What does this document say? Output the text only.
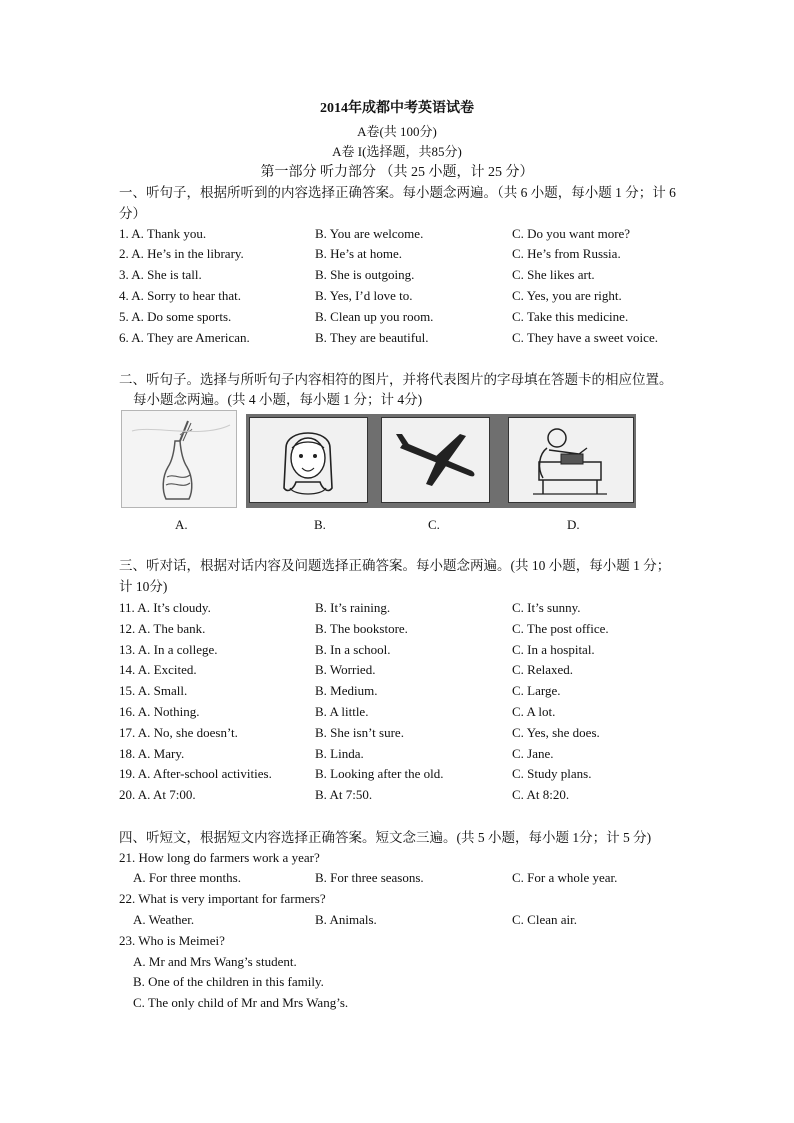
2014年成都中考英语试卷
A卷(共 100分)
A卷 I(选择题，共85分)
第一部分 听力部分 （共 25 小题，计 25 分）
一、听句子，根据所听到的内容选择正确答案。每小题念两遍。（共 6 小题，每小题 1 分；计 6分）
1. A. Thank you.	B. You are welcome.	C. Do you want more?
2. A. He’s in the library.	B. He’s at home.	C. He’s from Russia.
3. A. She is tall.	B. She is outgoing.	C. She likes art.
4. A. Sorry to hear that.	B. Yes, I’d love to.	C. Yes, you are right.
5. A. Do some sports.	B. Clean up you room.	C. Take this medicine.
6. A. They are American.	B. They are beautiful.	C. They have a sweet voice.
二、听句子。选择与所听句子内容相符的图片，并将代表图片的字母填在答题卡的相应位置。
每小题念两遍。(共 4 小题，每小题 1 分；计 4分)
A.	B.	C.	D.
三、听对话，根据对话内容及问题选择正确答案。每小题念两遍。(共 10 小题，每小题 1 分；计 10分)
11. A. It’s cloudy.	B. It’s raining.	C. It’s sunny.
12. A. The bank.	B. The bookstore.	C. The post office.
13. A. In a college.	B. In a school.	C. In a hospital.
14. A. Excited.	B. Worried.	C. Relaxed.
15. A. Small.	B. Medium.	C. Large.
16. A. Nothing.	B. A little.	C. A lot.
17. A. No, she doesn’t.	B. She isn’t sure.	C. Yes, she does.
18. A. Mary.	B. Linda.	C. Jane.
19. A. After-school activities.	B. Looking after the old.	C. Study plans.
20. A. At 7:00.	B. At 7:50.	C. At 8:20.
四、听短文，根据短文内容选择正确答案。短文念三遍。(共 5 小题，每小题 1分；计 5 分)
21. How long do farmers work a year?
A. For three months.	B. For three seasons.	C. For a whole year.
22. What is very important for farmers?
A. Weather.	B. Animals.	C. Clean air.
23. Who is Meimei?
A. Mr and Mrs Wang’s student.
B. One of the children in this family.
C. The only child of Mr and Mrs Wang’s.
